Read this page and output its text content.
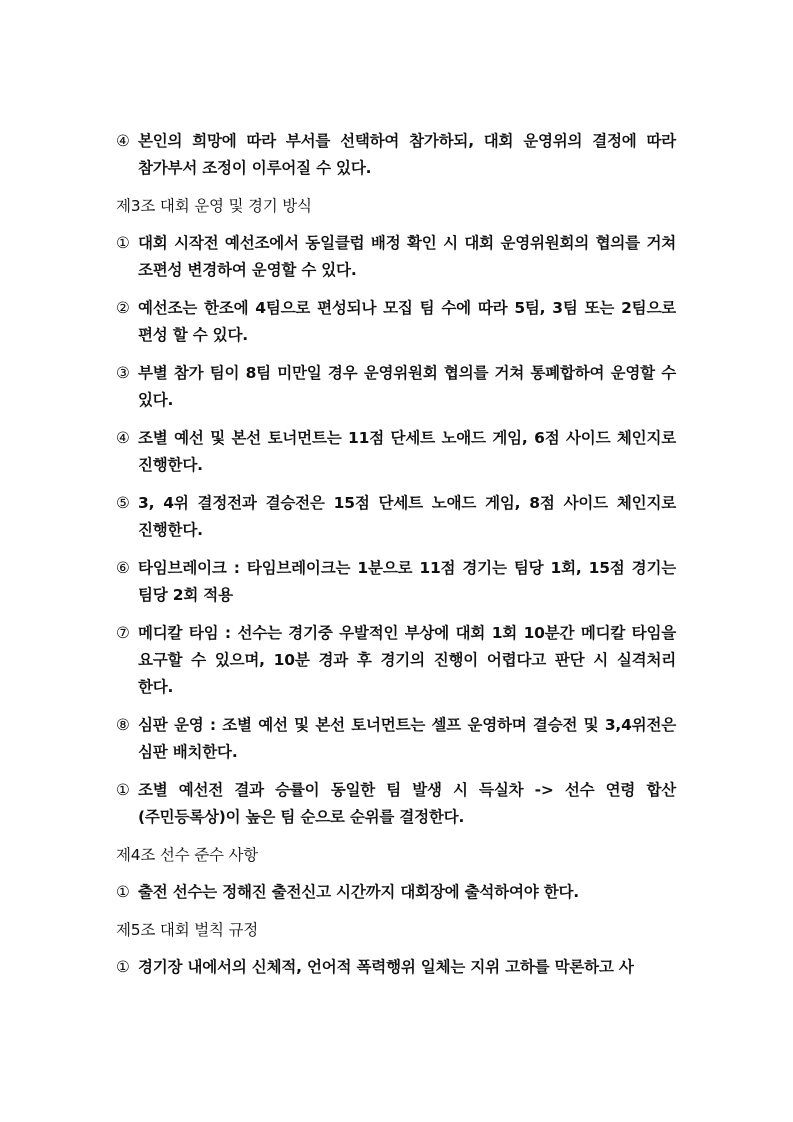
④ 본인의 희망에 따라 부서를 선택하여 참가하되, 대회 운영위의 결정에 따라 참가부서 조정이 이루어질 수 있다.
제3조 대회 운영 및 경기 방식
① 대회 시작전 예선조에서 동일클럽 배정 확인 시 대회 운영위원회의 협의를 거쳐 조편성 변경하여 운영할 수 있다.
② 예선조는 한조에 4팀으로 편성되나 모집 팀 수에 따라 5팀, 3팀 또는 2팀으로 편성 할 수 있다.
③ 부별 참가 팀이 8팀 미만일 경우 운영위원회 협의를 거쳐 통폐합하여 운영할 수 있다.
④ 조별 예선 및 본선 토너먼트는 11점 단세트 노애드 게임, 6점 사이드 체인지로 진행한다.
⑤ 3, 4위 결정전과 결승전은 15점 단세트 노애드 게임, 8점 사이드 체인지로 진행한다.
⑥ 타임브레이크 : 타임브레이크는 1분으로 11점 경기는 팀당 1회, 15점 경기는 팀당 2회 적용
⑦ 메디칼 타임 : 선수는 경기중 우발적인 부상에 대회 1회 10분간 메디칼 타임을 요구할 수 있으며, 10분 경과 후 경기의 진행이 어렵다고 판단 시 실격처리 한다.
⑧ 심판 운영 : 조별 예선 및 본선 토너먼트는 셀프 운영하며 결승전 및 3,4위전은 심판 배치한다.
① 조별 예선전 결과 승률이 동일한 팀 발생 시 득실차 -> 선수 연령 합산(주민등록상)이 높은 팀 순으로 순위를 결정한다.
제4조 선수 준수 사항
① 출전 선수는 정해진 출전신고 시간까지 대회장에 출석하여야 한다.
제5조 대회 벌칙 규정
① 경기장 내에서의 신체적, 언어적 폭력행위 일체는 지위 고하를 막론하고 사
